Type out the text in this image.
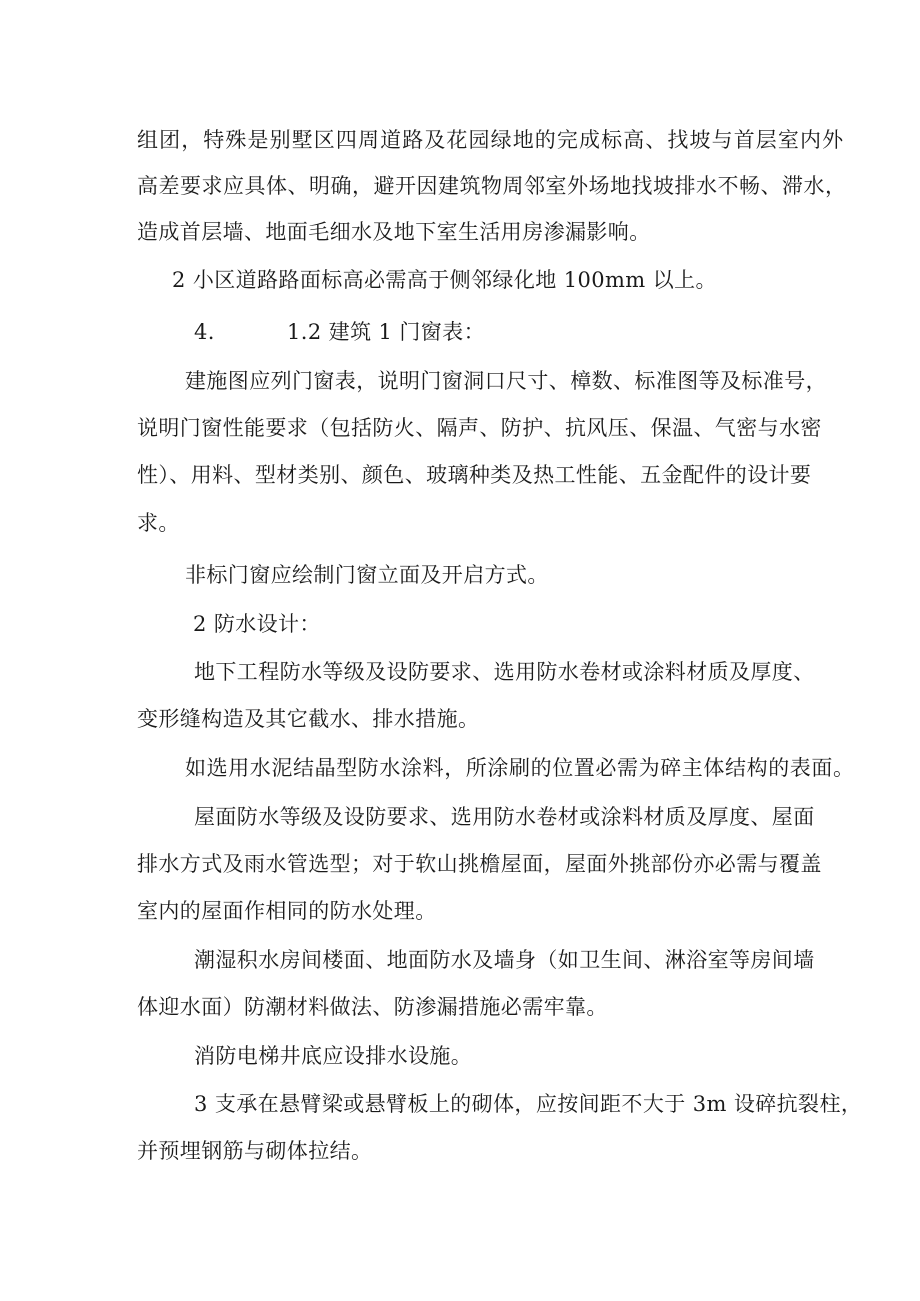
组团，特殊是别墅区四周道路及花园绿地的完成标高、找坡与首层室内外
高差要求应具体、明确，避开因建筑物周邻室外场地找坡排水不畅、滞水，
造成首层墙、地面毛细水及地下室生活用房渗漏影响。
2 小区道路路面标高必需高于侧邻绿化地 100mm 以上。
4.	1.2 建筑 1 门窗表：
建施图应列门窗表，说明门窗洞口尺寸、樟数、标准图等及标准号，
说明门窗性能要求（包括防火、隔声、防护、抗风压、保温、气密与水密
性）、用料、型材类别、颜色、玻璃种类及热工性能、五金配件的设计要
求。
非标门窗应绘制门窗立面及开启方式。
2 防水设计：
地下工程防水等级及设防要求、选用防水卷材或涂料材质及厚度、
变形缝构造及其它截水、排水措施。
如选用水泥结晶型防水涂料，所涂刷的位置必需为碎主体结构的表面。
屋面防水等级及设防要求、选用防水卷材或涂料材质及厚度、屋面
排水方式及雨水管选型；对于软山挑檐屋面，屋面外挑部份亦必需与覆盖
室内的屋面作相同的防水处理。
潮湿积水房间楼面、地面防水及墙身（如卫生间、淋浴室等房间墙
体迎水面）防潮材料做法、防渗漏措施必需牢靠。
消防电梯井底应设排水设施。
3 支承在悬臂梁或悬臂板上的砌体，应按间距不大于 3m 设碎抗裂柱，
并预埋钢筋与砌体拉结。
